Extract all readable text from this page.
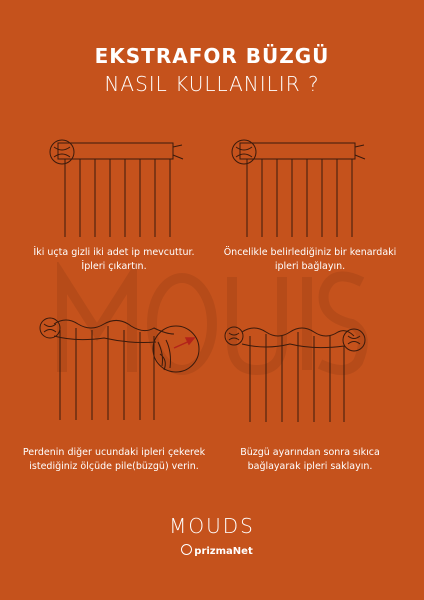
EKSTRAFOR BÜZGÜ
NASIL KULLANILIR ?
İki uçta gizli iki adet ip mevcuttur.
İpleri çıkartın.
Öncelikle belirlediğiniz bir kenardaki
ipleri bağlayın.
Perdenin diğer ucundaki ipleri çekerek
istediğiniz ölçüde pile(büzgü) verin.
Büzgü ayarından sonra sıkıca
bağlayarak ipleri saklayın.
MOUDS
prizmaNet
